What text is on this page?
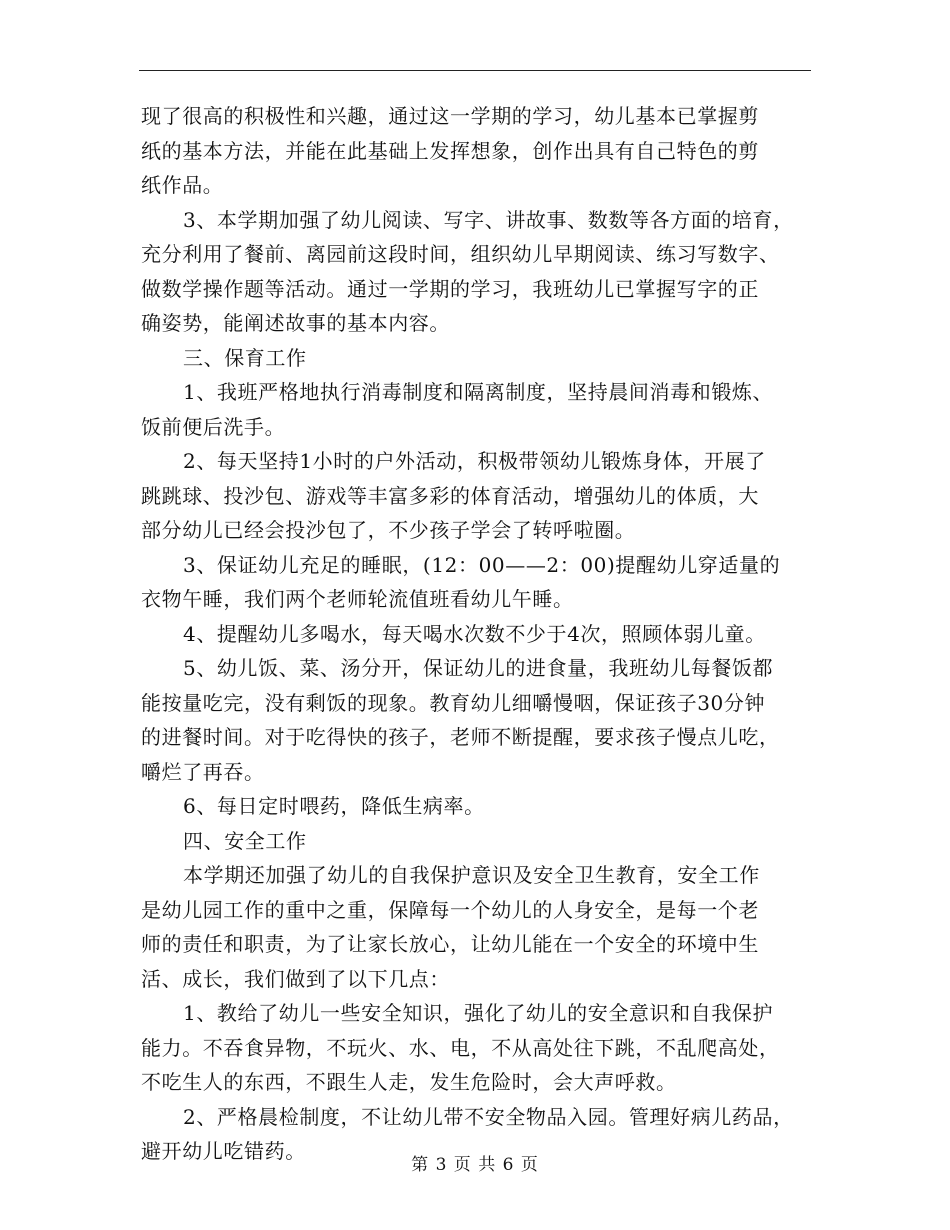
现了很高的积极性和兴趣，通过这一学期的学习，幼儿基本已掌握剪
纸的基本方法，并能在此基础上发挥想象，创作出具有自己特色的剪
纸作品。
3、本学期加强了幼儿阅读、写字、讲故事、数数等各方面的培育，
充分利用了餐前、离园前这段时间，组织幼儿早期阅读、练习写数字、
做数学操作题等活动。通过一学期的学习，我班幼儿已掌握写字的正
确姿势，能阐述故事的基本内容。
三、保育工作
1、我班严格地执行消毒制度和隔离制度，坚持晨间消毒和锻炼、
饭前便后洗手。
2、每天坚持1小时的户外活动，积极带领幼儿锻炼身体，开展了
跳跳球、投沙包、游戏等丰富多彩的体育活动，增强幼儿的体质，大
部分幼儿已经会投沙包了，不少孩子学会了转呼啦圈。
3、保证幼儿充足的睡眠，(12：00——2：00)提醒幼儿穿适量的
衣物午睡，我们两个老师轮流值班看幼儿午睡。
4、提醒幼儿多喝水，每天喝水次数不少于4次，照顾体弱儿童。
5、幼儿饭、菜、汤分开，保证幼儿的进食量，我班幼儿每餐饭都
能按量吃完，没有剩饭的现象。教育幼儿细嚼慢咽，保证孩子30分钟
的进餐时间。对于吃得快的孩子，老师不断提醒，要求孩子慢点儿吃，
嚼烂了再吞。
6、每日定时喂药，降低生病率。
四、安全工作
本学期还加强了幼儿的自我保护意识及安全卫生教育，安全工作
是幼儿园工作的重中之重，保障每一个幼儿的人身安全，是每一个老
师的责任和职责，为了让家长放心，让幼儿能在一个安全的环境中生
活、成长，我们做到了以下几点：
1、教给了幼儿一些安全知识，强化了幼儿的安全意识和自我保护
能力。不吞食异物，不玩火、水、电，不从高处往下跳，不乱爬高处，
不吃生人的东西，不跟生人走，发生危险时，会大声呼救。
2、严格晨检制度，不让幼儿带不安全物品入园。管理好病儿药品，
避开幼儿吃错药。
第 3 页 共 6 页
